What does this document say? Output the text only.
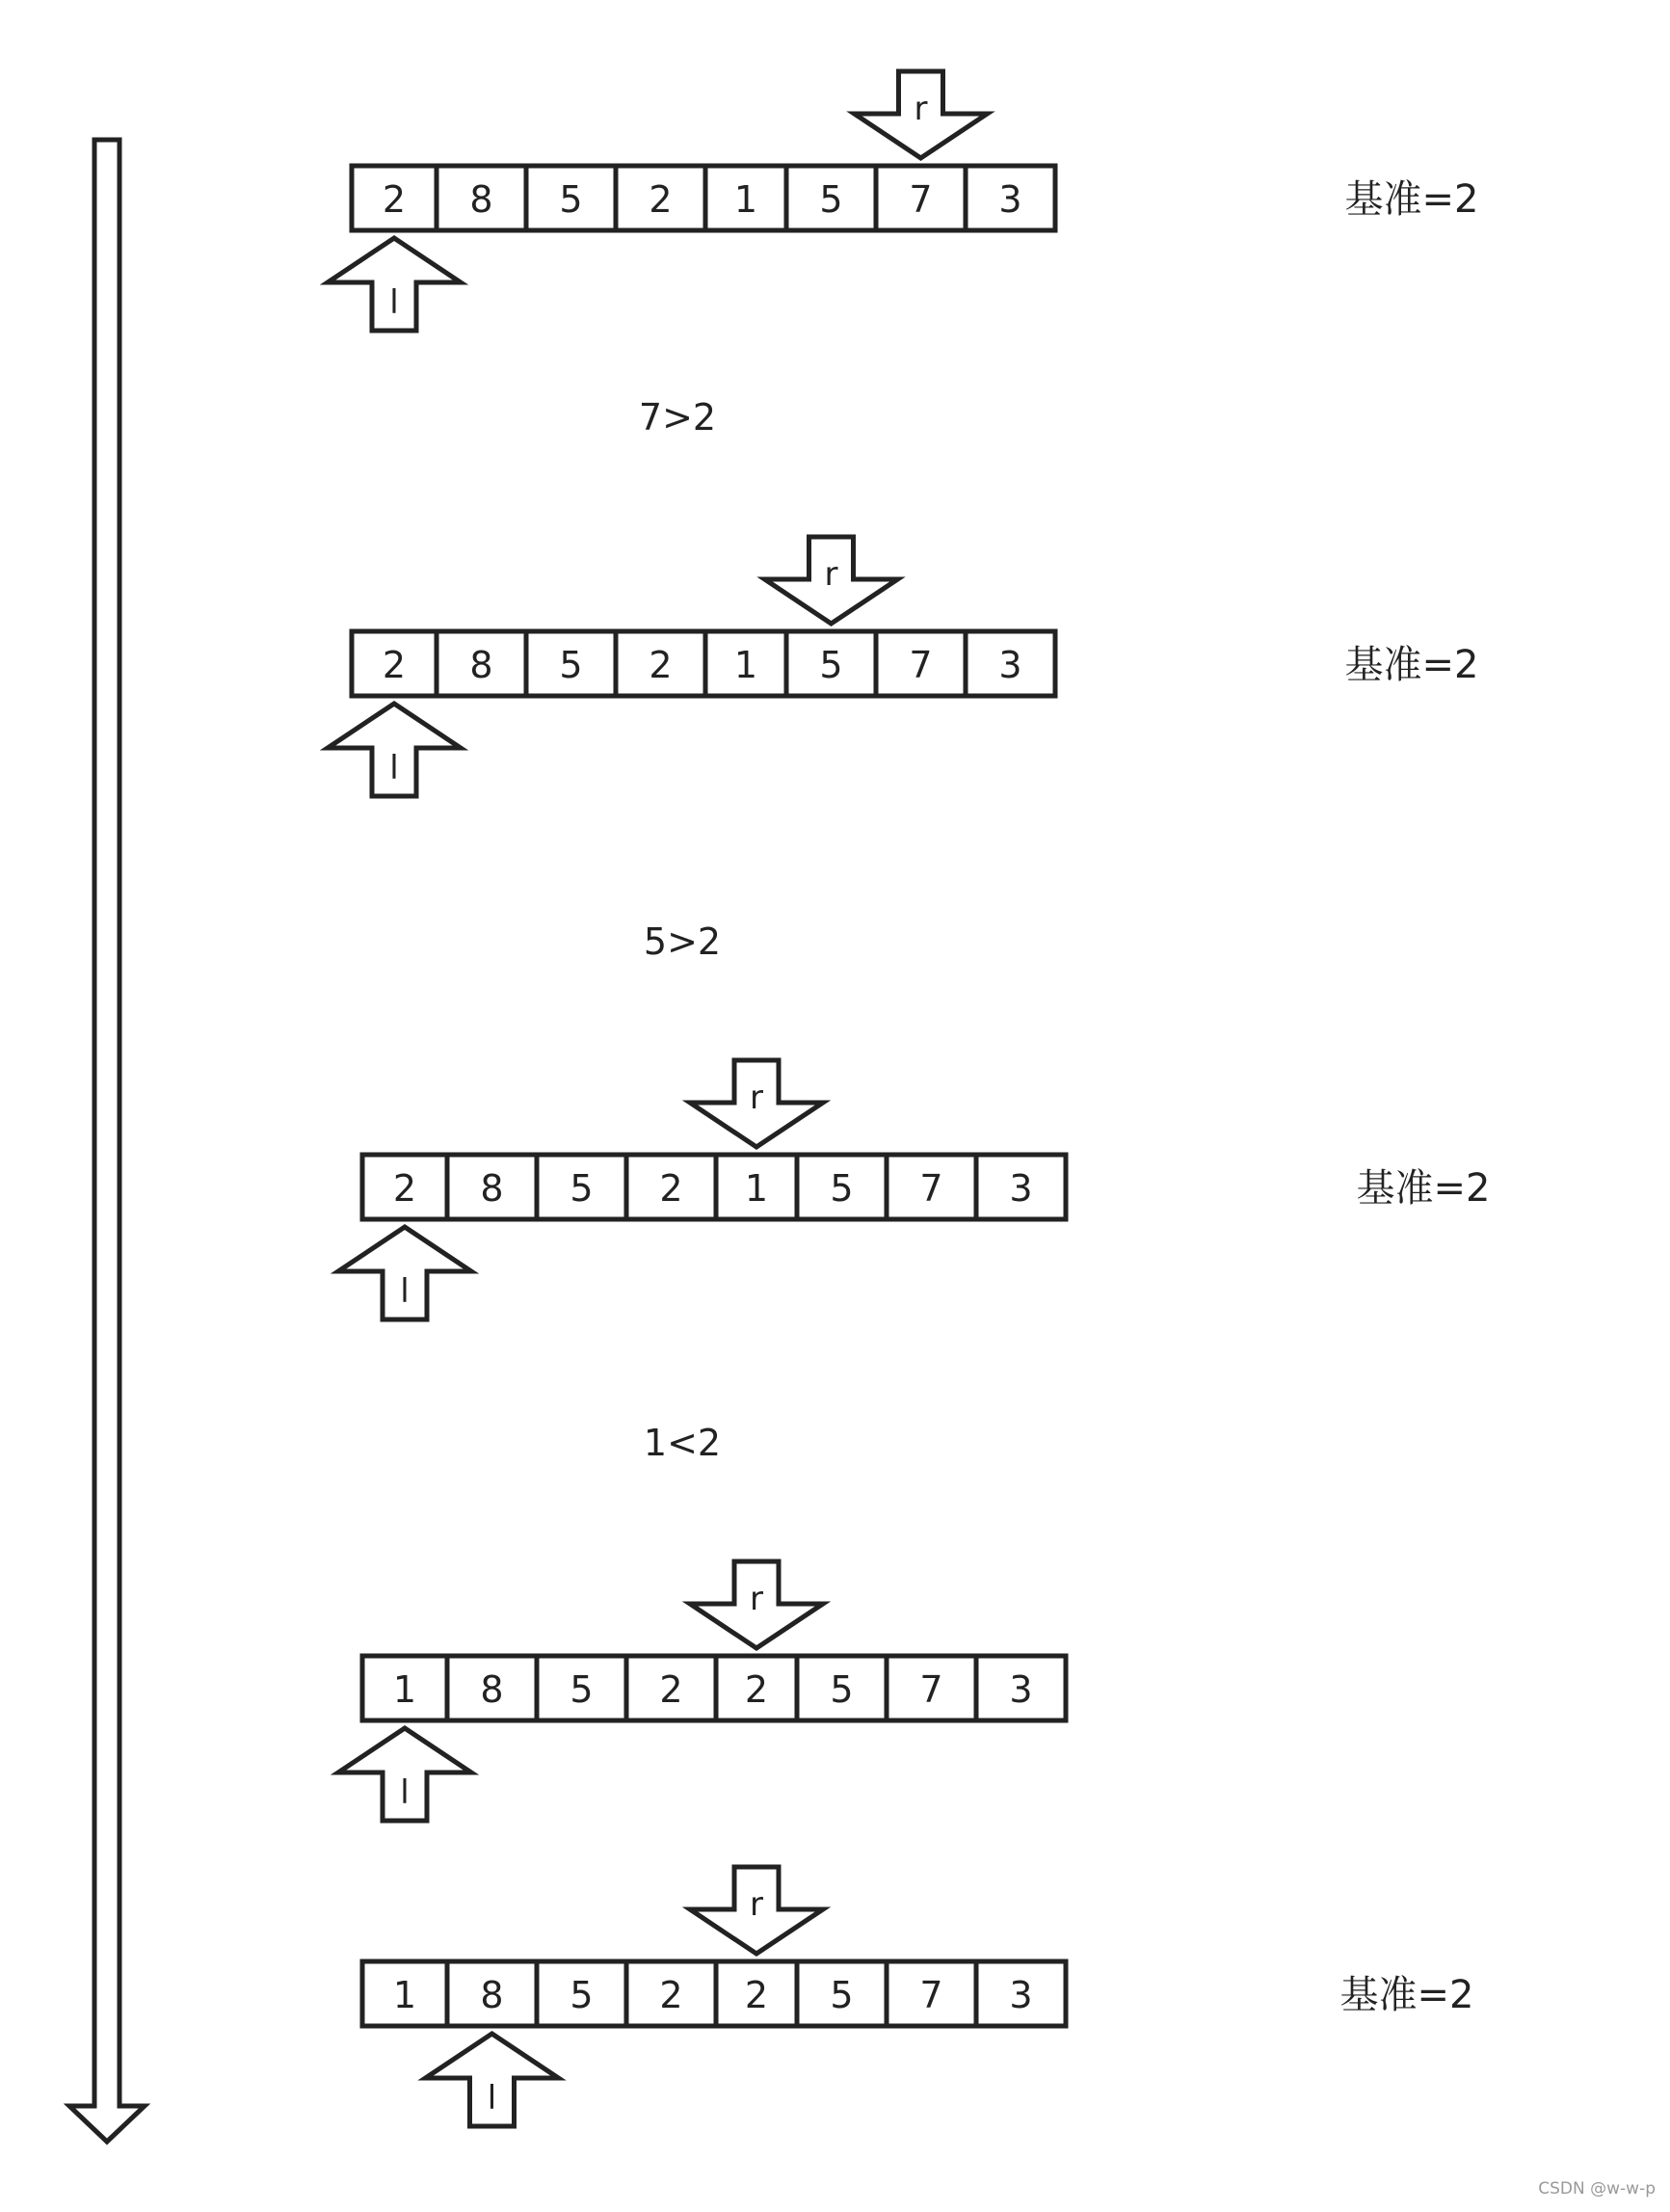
2 8 5 2 1 5 7 3
r
l
基准=2
2 8 5 2 1 5 7 3
r
l
基准=2
2 8 5 2 1 5 7 3
r
l
基准=2
1 8 5 2 2 5 7 3
r
l
1 8 5 2 2 5 7 3
r
l
基准=2
7>2
5>2
1<2
CSDN @w-w-p
